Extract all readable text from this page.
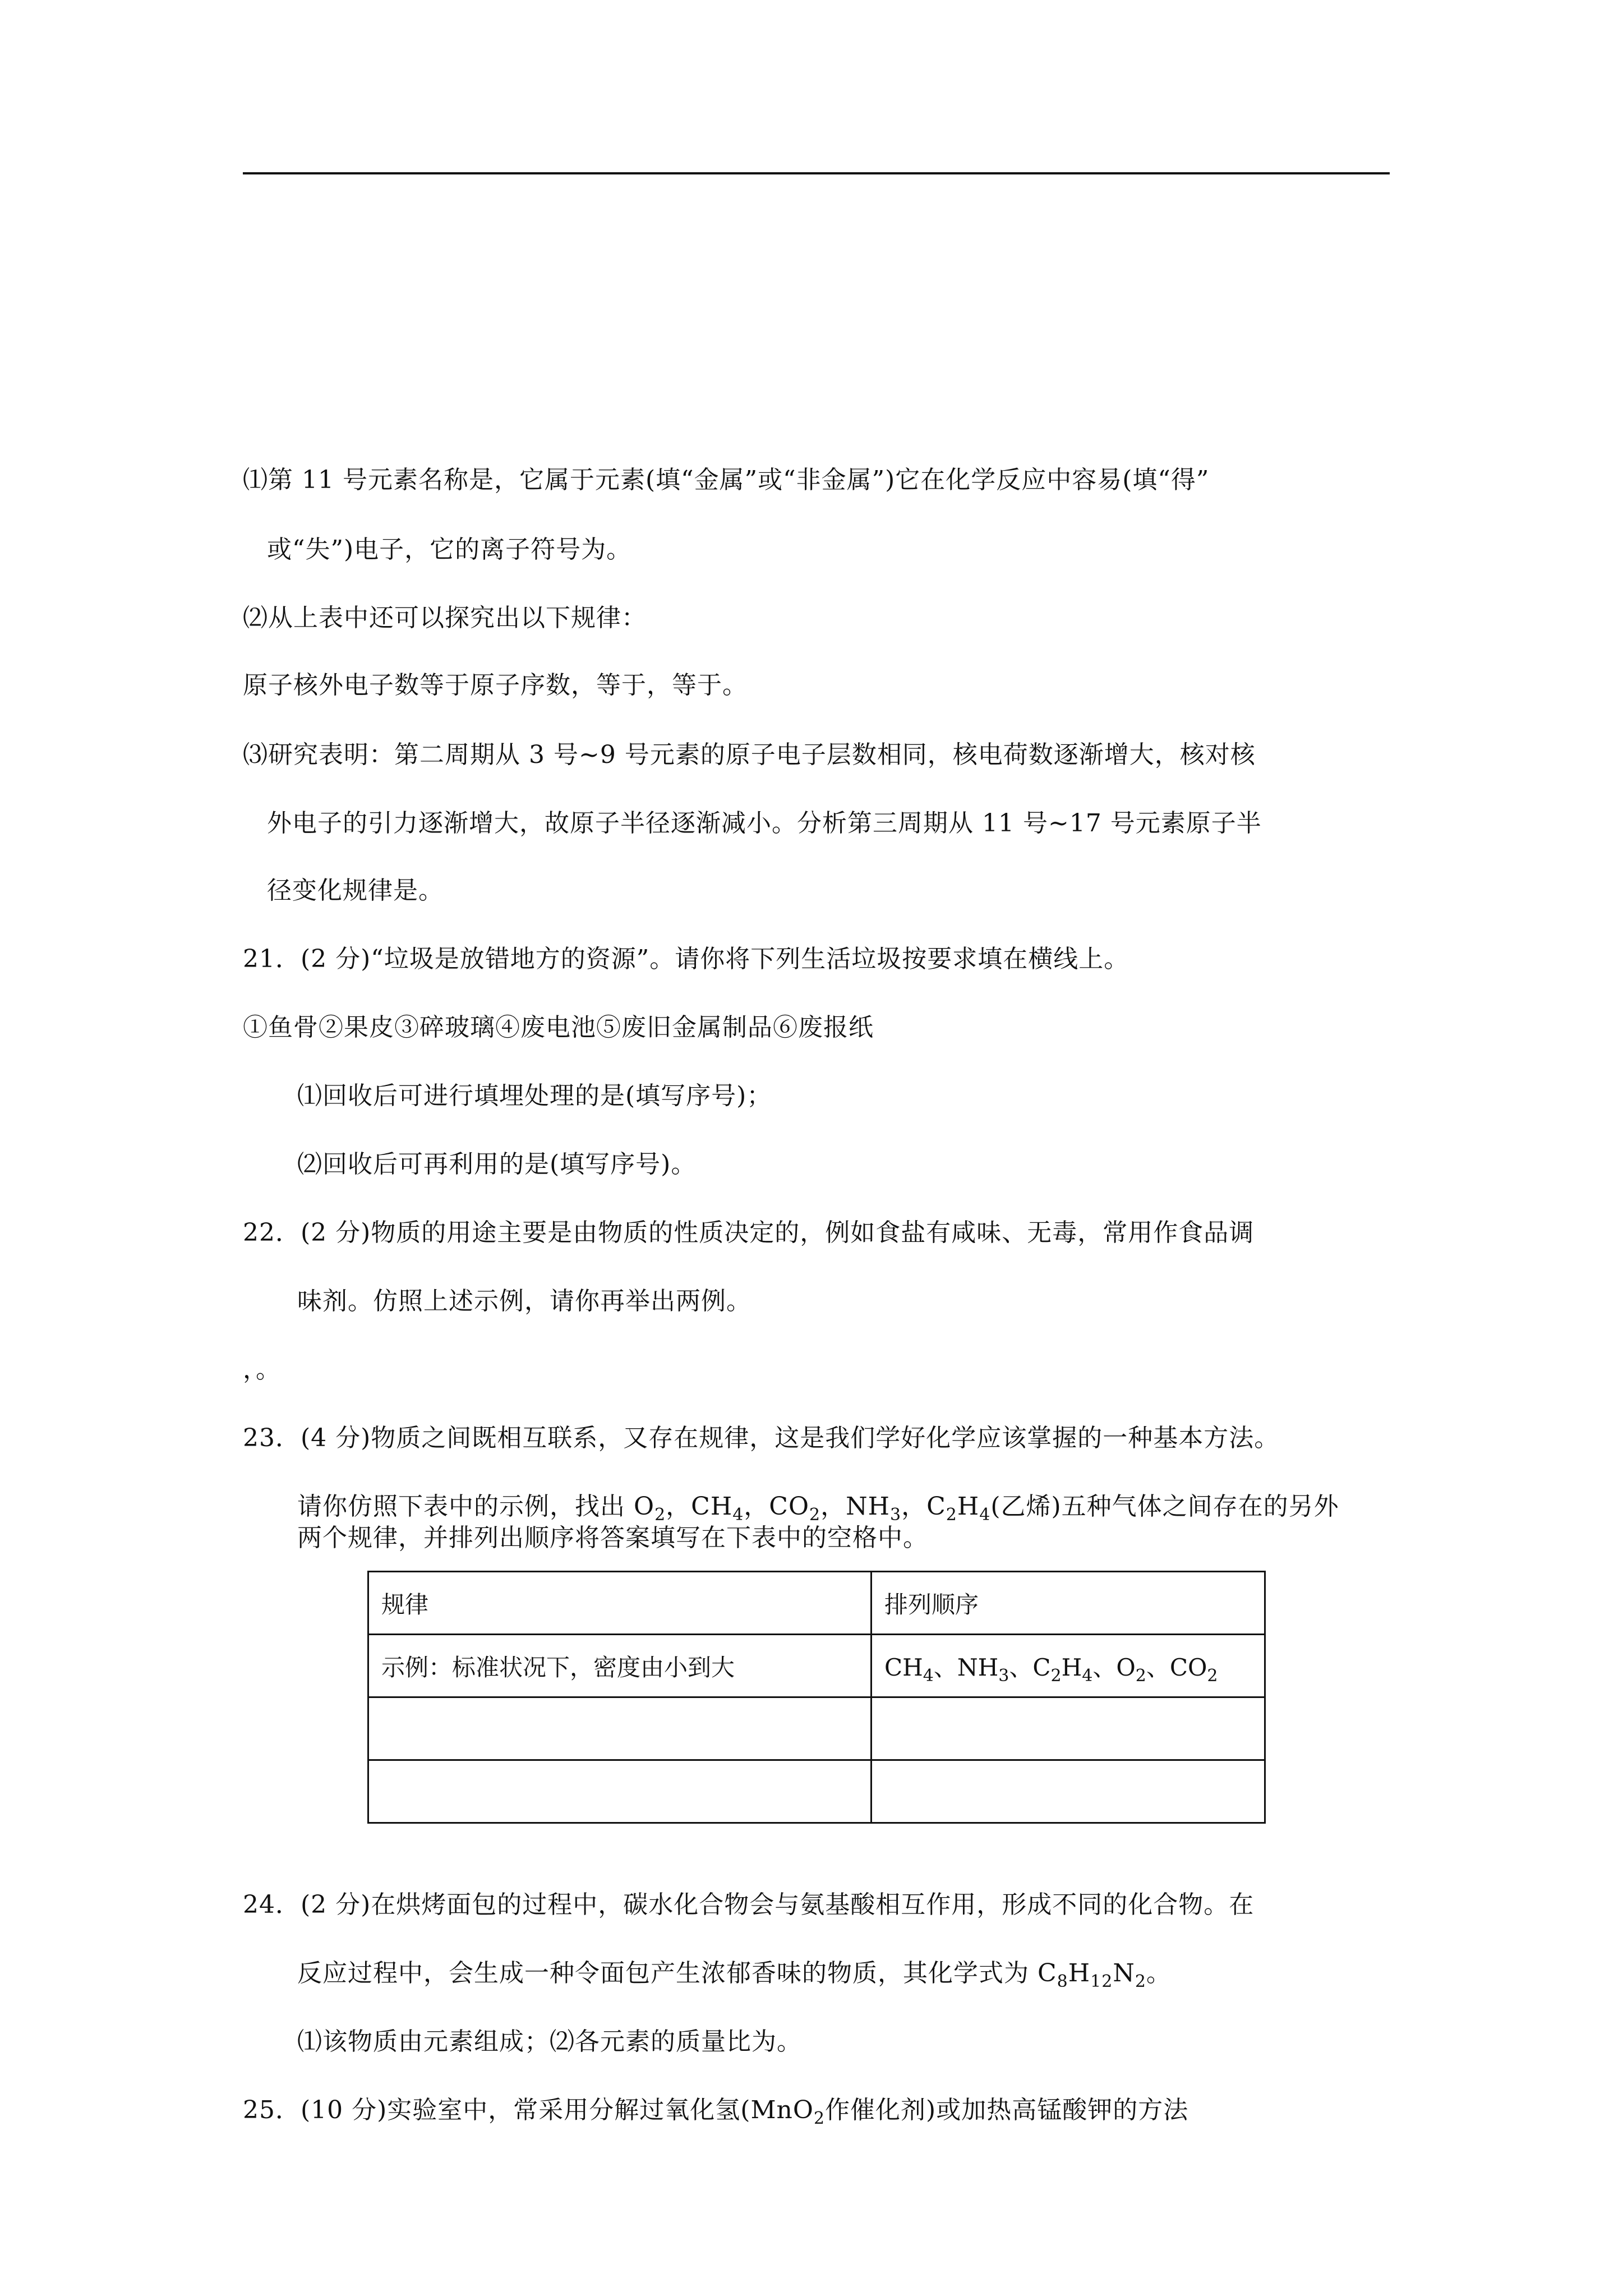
⑴第 11 号元素名称是，它属于元素(填“金属”或“非金属”)它在化学反应中容易(填“得”
或“失”)电子，它的离子符号为。
⑵从上表中还可以探究出以下规律：
原子核外电子数等于原子序数，等于，等于。
⑶研究表明：第二周期从 3 号~9 号元素的原子电子层数相同，核电荷数逐渐增大，核对核
外电子的引力逐渐增大，故原子半径逐渐减小。分析第三周期从 11 号~17 号元素原子半
径变化规律是。
21．(2 分)“垃圾是放错地方的资源”。请你将下列生活垃圾按要求填在横线上。
①鱼骨②果皮③碎玻璃④废电池⑤废旧金属制品⑥废报纸
⑴回收后可进行填埋处理的是(填写序号)；
⑵回收后可再利用的是(填写序号)。
22．(2 分)物质的用途主要是由物质的性质决定的，例如食盐有咸味、无毒，常用作食品调
味剂。仿照上述示例，请你再举出两例。
，。
23．(4 分)物质之间既相互联系，又存在规律，这是我们学好化学应该掌握的一种基本方法。
请你仿照下表中的示例，找出 $O_2$，$CH_4$，$CO_2$，$NH_3$，$C_2H_4$(乙烯)五种气体之间存在的另外
两个规律，并排列出顺序将答案填写在下表中的空格中。
规律	排列顺序
示例：标准状况下，密度由小到大	$CH_4$、$NH_3$、$C_2H_4$、$O_2$、$CO_2$

24．(2 分)在烘烤面包的过程中，碳水化合物会与氨基酸相互作用，形成不同的化合物。在
反应过程中，会生成一种令面包产生浓郁香味的物质，其化学式为 $C_8H_{12}N_2$。
⑴该物质由元素组成；⑵各元素的质量比为。
25．(10 分)实验室中，常采用分解过氧化氢(MnO$_2$作催化剂)或加热高锰酸钾的方法
